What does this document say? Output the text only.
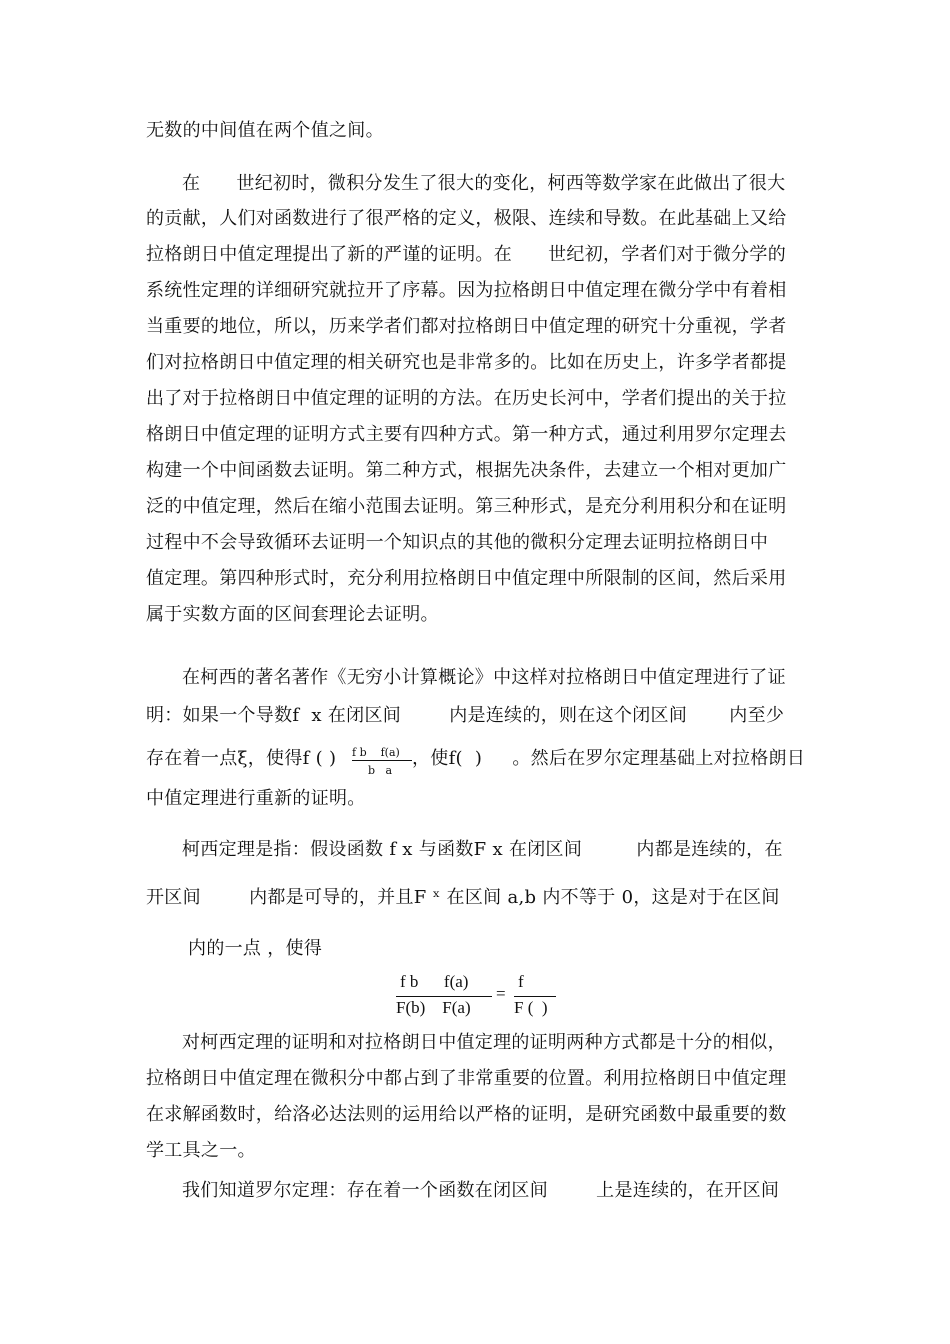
无数的中间值在两个值之间。
在      世纪初时，微积分发生了很大的变化，柯西等数学家在此做出了很大
的贡献，人们对函数进行了很严格的定义，极限、连续和导数。在此基础上又给
拉格朗日中值定理提出了新的严谨的证明。在      世纪初，学者们对于微分学的
系统性定理的详细研究就拉开了序幕。因为拉格朗日中值定理在微分学中有着相
当重要的地位，所以，历来学者们都对拉格朗日中值定理的研究十分重视，学者
们对拉格朗日中值定理的相关研究也是非常多的。比如在历史上，许多学者都提
出了对于拉格朗日中值定理的证明的方法。在历史长河中，学者们提出的关于拉
格朗日中值定理的证明方式主要有四种方式。第一种方式，通过利用罗尔定理去
构建一个中间函数去证明。第二种方式，根据先决条件，去建立一个相对更加广
泛的中值定理，然后在缩小范围去证明。第三种形式，是充分利用积分和在证明
过程中不会导致循环去证明一个知识点的其他的微积分定理去证明拉格朗日中
值定理。第四种形式时，充分利用拉格朗日中值定理中所限制的区间，然后采用
属于实数方面的区间套理论去证明。
在柯西的著名著作《无穷小计算概论》中这样对拉格朗日中值定理进行了证
明：如果一个导数f  x 在闭区间        内是连续的，则在这个闭区间       内至少
存在着一点ξ，使得f ( ) f b    f(a)
b   a
，使f(  )     。然后在罗尔定理基础上对拉格朗日
中值定理进行重新的证明。
柯西定理是指：假设函数 f x 与函数F x 在闭区间         内都是连续的，在
开区间        内都是可导的，并且F ˣ 在区间 a,b 内不等于 0，这是对于在区间
内的一点 ，使得
f b      f(a)
F(b)    F(a)
=
f
F (  )
对柯西定理的证明和对拉格朗日中值定理的证明两种方式都是十分的相似，
拉格朗日中值定理在微积分中都占到了非常重要的位置。利用拉格朗日中值定理
在求解函数时，给洛必达法则的运用给以严格的证明，是研究函数中最重要的数
学工具之一。
我们知道罗尔定理：存在着一个函数在闭区间        上是连续的，在开区间
